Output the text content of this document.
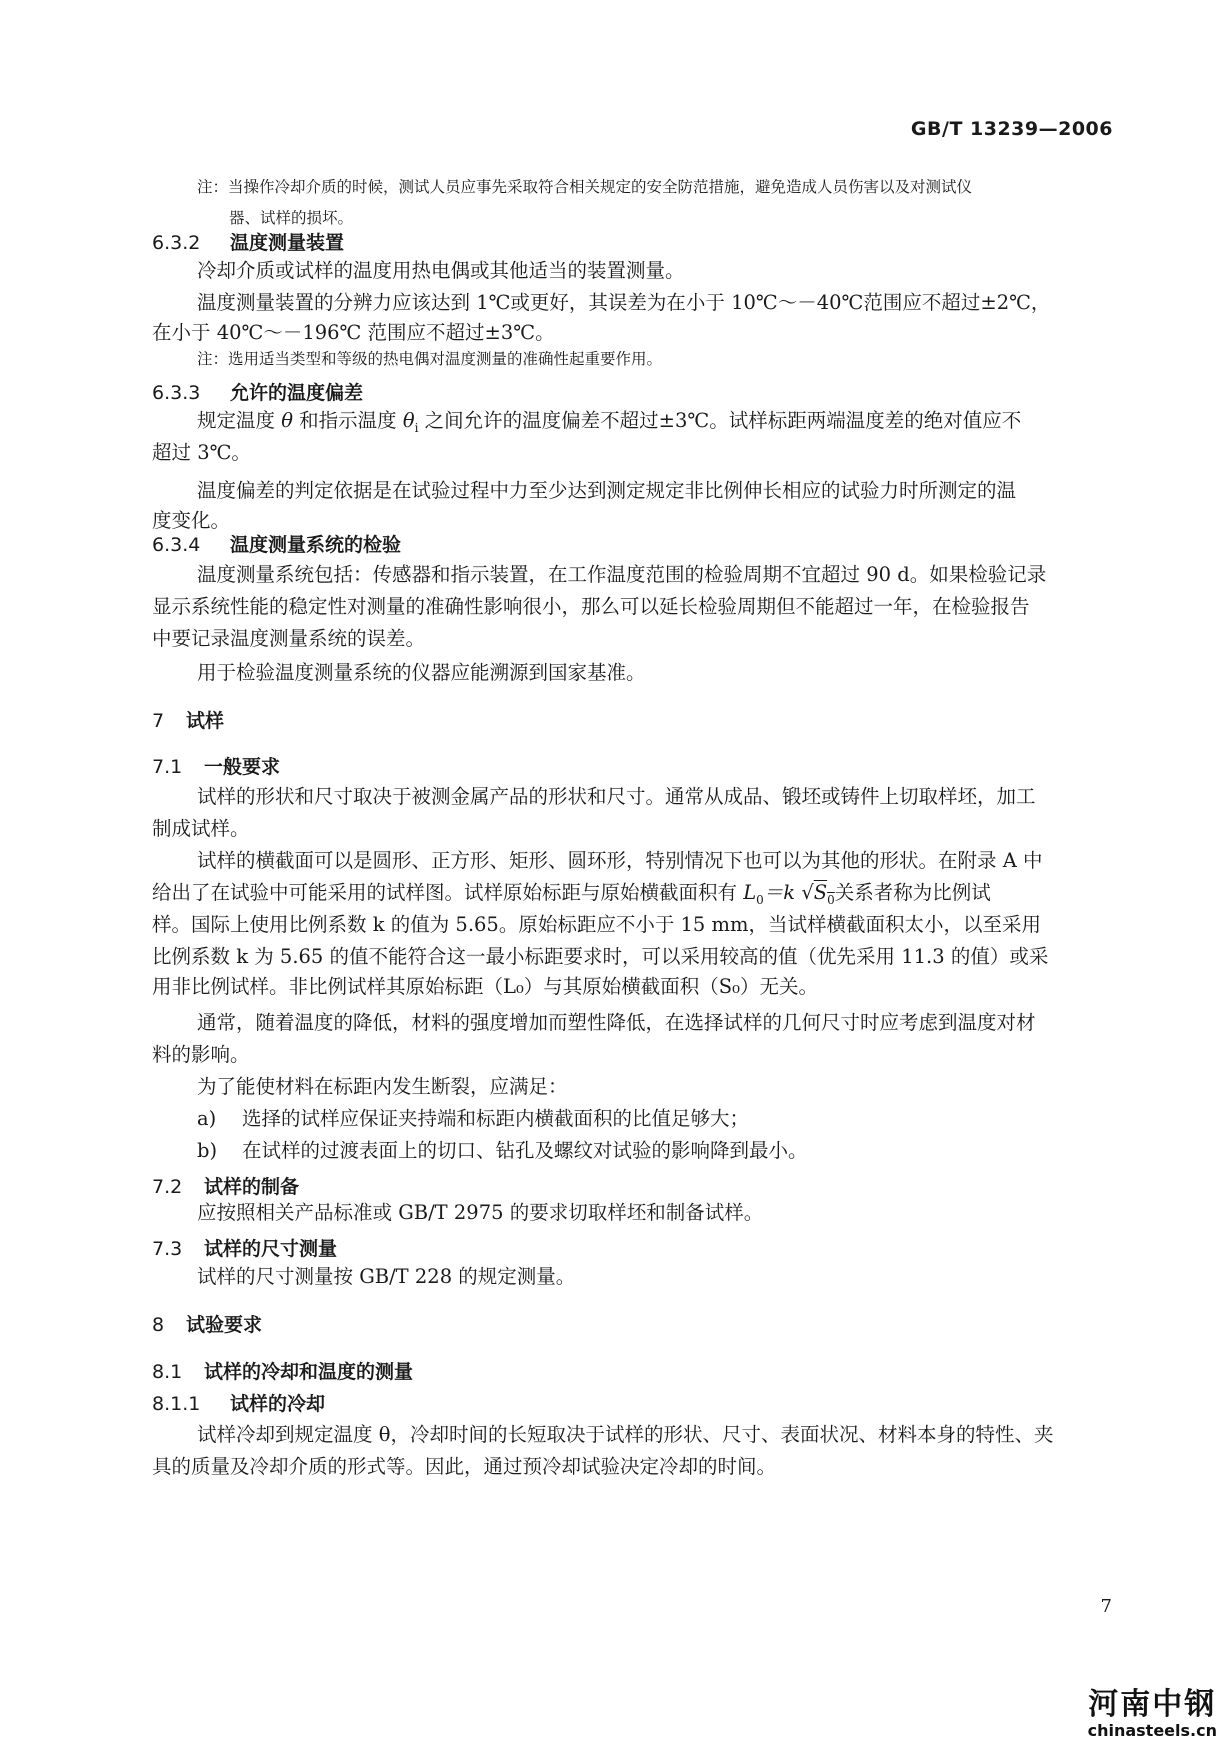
GB/T 13239—2006
注：当操作冷却介质的时候，测试人员应事先采取符合相关规定的安全防范措施，避免造成人员伤害以及对测试仪
器、试样的损坏。
6.3.2 温度测量装置
冷却介质或试样的温度用热电偶或其他适当的装置测量。
温度测量装置的分辨力应该达到 1℃或更好，其误差为在小于 10℃～－40℃范围应不超过±2℃，
在小于 40℃～－196℃ 范围应不超过±3℃。
注：选用适当类型和等级的热电偶对温度测量的准确性起重要作用。
6.3.3 允许的温度偏差
规定温度 θ 和指示温度 $\theta_i$ 之间允许的温度偏差不超过±3℃。试样标距两端温度差的绝对值应不
超过 3℃。
温度偏差的判定依据是在试验过程中力至少达到测定规定非比例伸长相应的试验力时所测定的温
度变化。
6.3.4 温度测量系统的检验
温度测量系统包括：传感器和指示装置，在工作温度范围的检验周期不宜超过 90 d。如果检验记录
显示系统性能的稳定性对测量的准确性影响很小，那么可以延长检验周期但不能超过一年，在检验报告
中要记录温度测量系统的误差。
用于检验温度测量系统的仪器应能溯源到国家基准。
7 试样
7.1 一般要求
试样的形状和尺寸取决于被测金属产品的形状和尺寸。通常从成品、锻坯或铸件上切取样坯，加工
制成试样。
试样的横截面可以是圆形、正方形、矩形、圆环形，特别情况下也可以为其他的形状。在附录 A 中
给出了在试验中可能采用的试样图。试样原始标距与原始横截面积有 $L_0=k$ $√S_0$关系者称为比例试
样。国际上使用比例系数 k 的值为 5.65。原始标距应不小于 15 mm，当试样横截面积太小，以至采用
比例系数 k 为 5.65 的值不能符合这一最小标距要求时，可以采用较高的值（优先采用 11.3 的值）或采
用非比例试样。非比例试样其原始标距（L₀）与其原始横截面积（S₀）无关。
通常，随着温度的降低，材料的强度增加而塑性降低，在选择试样的几何尺寸时应考虑到温度对材
料的影响。
为了能使材料在标距内发生断裂，应满足：
a) 选择的试样应保证夹持端和标距内横截面积的比值足够大；
b) 在试样的过渡表面上的切口、钻孔及螺纹对试验的影响降到最小。
7.2 试样的制备
应按照相关产品标准或 GB/T 2975 的要求切取样坯和制备试样。
7.3 试样的尺寸测量
试样的尺寸测量按 GB/T 228 的规定测量。
8 试验要求
8.1 试样的冷却和温度的测量
8.1.1 试样的冷却
试样冷却到规定温度 θ，冷却时间的长短取决于试样的形状、尺寸、表面状况、材料本身的特性、夹
具的质量及冷却介质的形式等。因此，通过预冷却试验决定冷却的时间。
7
河南中钢
chinasteels.cn
